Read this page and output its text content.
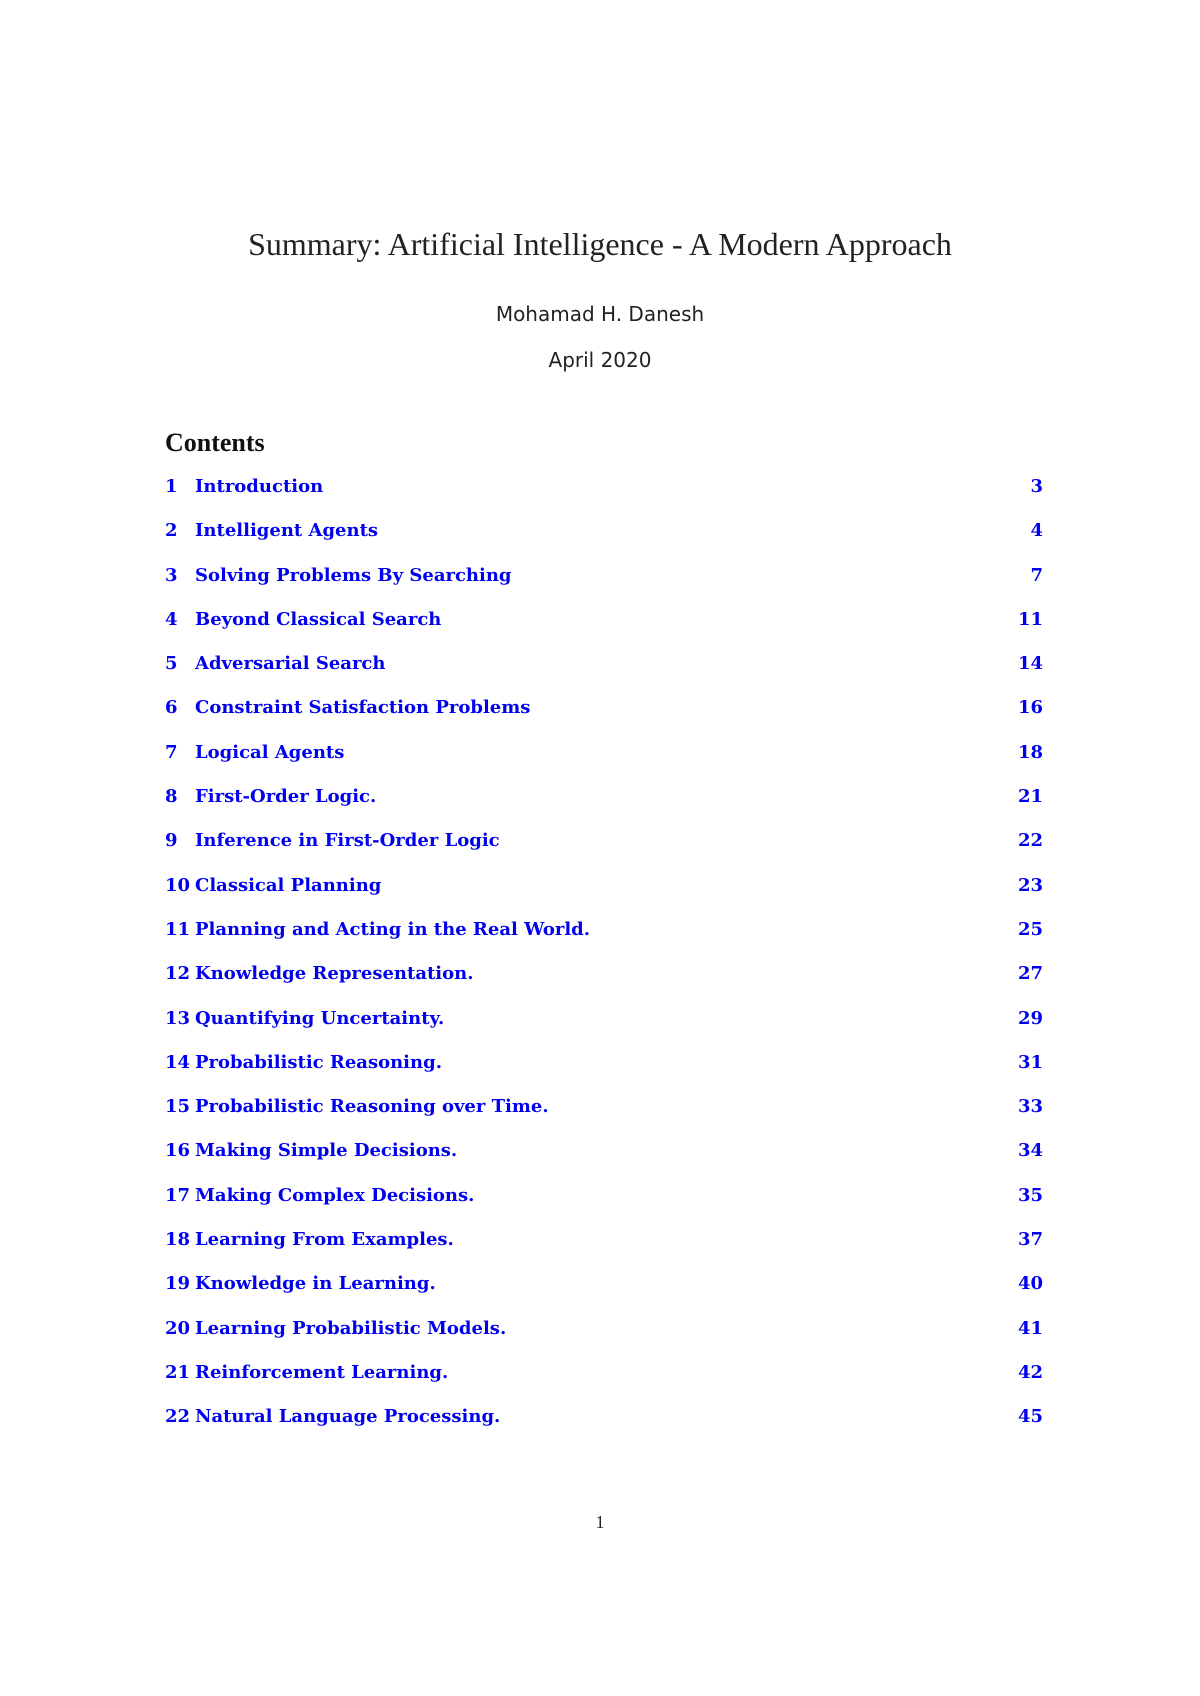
Summary: Artificial Intelligence - A Modern Approach
Mohamad H. Danesh
April 2020
Contents
1 Introduction	3
2 Intelligent Agents	4
3 Solving Problems By Searching	7
4 Beyond Classical Search	11
5 Adversarial Search	14
6 Constraint Satisfaction Problems	16
7 Logical Agents	18
8 First-Order Logic.	21
9 Inference in First-Order Logic	22
10 Classical Planning	23
11 Planning and Acting in the Real World.	25
12 Knowledge Representation.	27
13 Quantifying Uncertainty.	29
14 Probabilistic Reasoning.	31
15 Probabilistic Reasoning over Time.	33
16 Making Simple Decisions.	34
17 Making Complex Decisions.	35
18 Learning From Examples.	37
19 Knowledge in Learning.	40
20 Learning Probabilistic Models.	41
21 Reinforcement Learning.	42
22 Natural Language Processing.	45
1
